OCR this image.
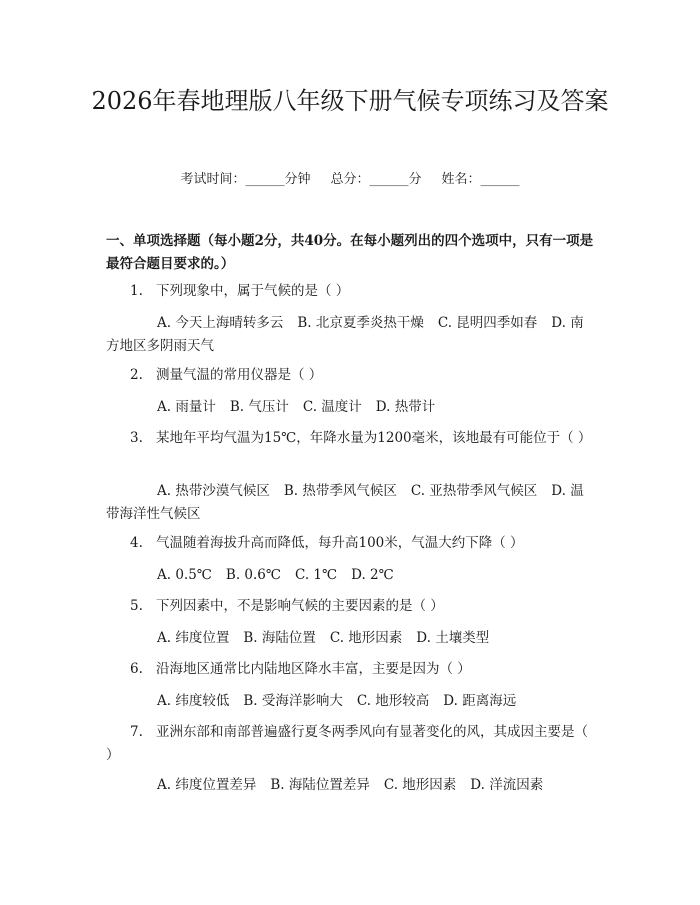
2026年春地理版八年级下册气候专项练习及答案
考试时间：______分钟 总分：______分 姓名：______
一、单项选择题（每小题2分，共40分。在每小题列出的四个选项中，只有一项是最符合题目要求的。）
1. 下列现象中，属于气候的是（ ）
A. 今天上海晴转多云 B. 北京夏季炎热干燥 C. 昆明四季如春 D. 南方地区多阴雨天气
2. 测量气温的常用仪器是（ ）
A. 雨量计 B. 气压计 C. 温度计 D. 热带计
3. 某地年平均气温为15℃，年降水量为1200毫米，该地最有可能位于（ ）
A. 热带沙漠气候区 B. 热带季风气候区 C. 亚热带季风气候区 D. 温带海洋性气候区
4. 气温随着海拔升高而降低，每升高100米，气温大约下降（ ）
A. 0.5℃ B. 0.6℃ C. 1℃ D. 2℃
5. 下列因素中，不是影响气候的主要因素的是（ ）
A. 纬度位置 B. 海陆位置 C. 地形因素 D. 土壤类型
6. 沿海地区通常比内陆地区降水丰富，主要是因为（ ）
A. 纬度较低 B. 受海洋影响大 C. 地形较高 D. 距离海远
7. 亚洲东部和南部普遍盛行夏冬两季风向有显著变化的风，其成因主要是（ ）
A. 纬度位置差异 B. 海陆位置差异 C. 地形因素 D. 洋流因素
